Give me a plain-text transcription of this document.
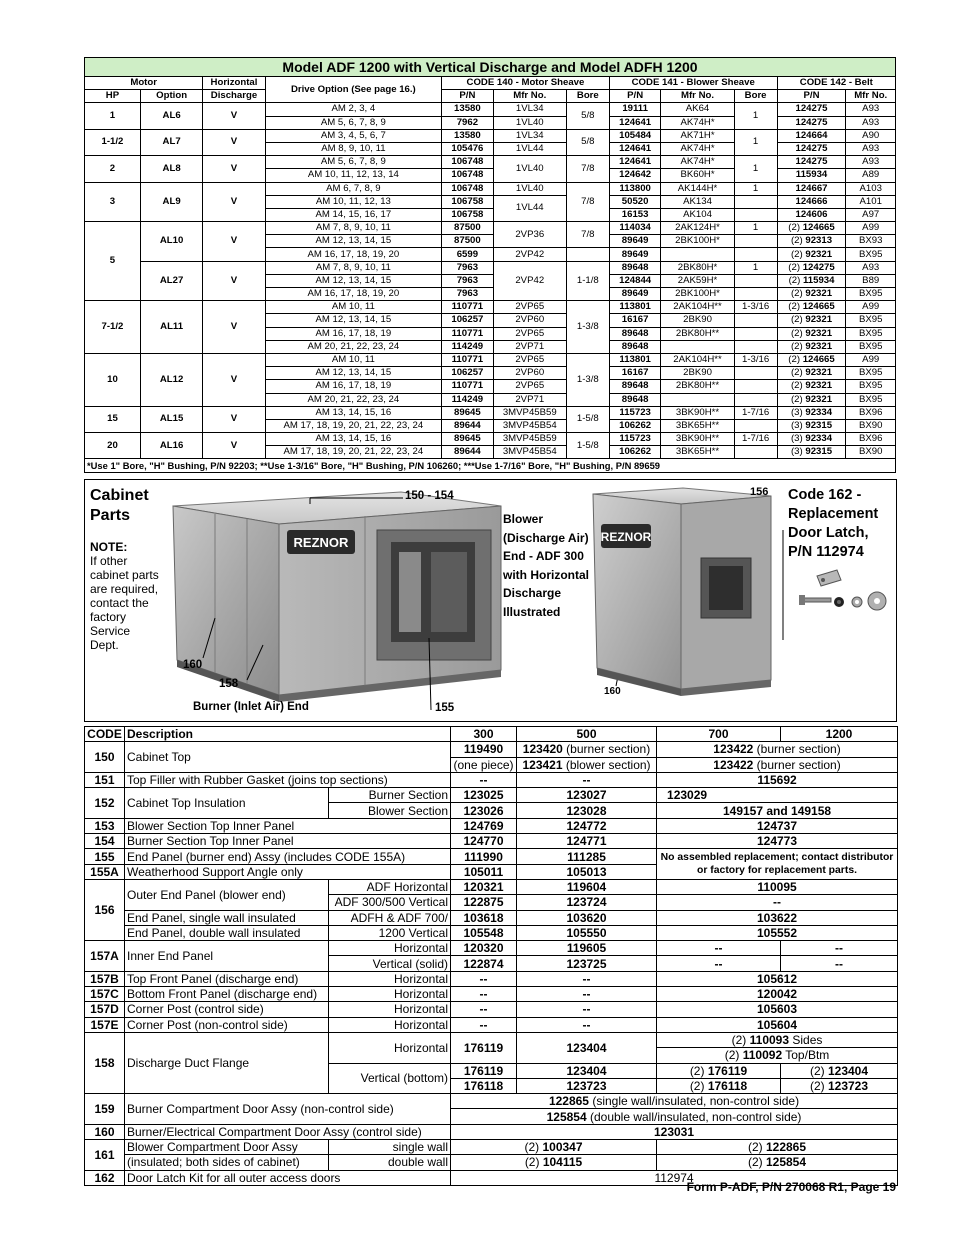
Model ADF 1200 with Vertical Discharge and Model ADFH 1200											
Motor		Horizontal	Drive Option (See page 16.)	CODE 140 - Motor Sheave			CODE 141 - Blower Sheave			CODE 142 - Belt	
HP	Option	Discharge		P/N	Mfr No.	Bore	P/N	Mfr No.	Bore	P/N	Mfr No.
1	AL6	V	AM 2, 3, 4	13580	1VL34	5/8	19111	AK64	1	124275	A93
			AM 5, 6, 7, 8, 9	7962	1VL40		124641	AK74H*		124275	A93
1-1/2	AL7	V	AM 3, 4, 5, 6, 7	13580	1VL34	5/8	105484	AK71H*	1	124664	A90
			AM 8, 9, 10, 11	105476	1VL44		124641	AK74H*		124275	A93
2	AL8	V	AM 5, 6, 7, 8, 9	106748	1VL40	7/8	124641	AK74H*	1	124275	A93
			AM 10, 11, 12, 13, 14	106748			124642	BK60H*		115934	A89
3	AL9	V	AM 6, 7, 8, 9	106748	1VL40	7/8	113800	AK144H*	1	124667	A103
			AM 10, 11, 12, 13	106758	1VL44		50520	AK134		124666	A101
			AM 14, 15, 16, 17	106758			16153	AK104		124606	A97
5	AL10	V	AM 7, 8, 9, 10, 11	87500	2VP36	7/8	114034	2AK124H*	1	(2) 124665	A99
			AM 12, 13, 14, 15	87500			89649	2BK100H*		(2) 92313	BX93
			AM 16, 17, 18, 19, 20	6599	2VP42		89649			(2) 92321	BX95
	AL27	V	AM 7, 8, 9, 10, 11	7963	2VP42	1-1/8	89648	2BK80H*	1	(2) 124275	A93
			AM 12, 13, 14, 15	7963			124844	2AK59H*		(2) 115934	B89
			AM 16, 17, 18, 19, 20	7963			89649	2BK100H*		(2) 92321	BX95
7-1/2	AL11	V	AM 10, 11	110771	2VP65	1-3/8	113801	2AK104H**	1-3/16	(2) 124665	A99
			AM 12, 13, 14, 15	106257	2VP60		16167	2BK90		(2) 92321	BX95
			AM 16, 17, 18, 19	110771	2VP65		89648	2BK80H**		(2) 92321	BX95
			AM 20, 21, 22, 23, 24	114249	2VP71		89648			(2) 92321	BX95
10	AL12	V	AM 10, 11	110771	2VP65	1-3/8	113801	2AK104H**	1-3/16	(2) 124665	A99
			AM 12, 13, 14, 15	106257	2VP60		16167	2BK90		(2) 92321	BX95
			AM 16, 17, 18, 19	110771	2VP65		89648	2BK80H**		(2) 92321	BX95
			AM 20, 21, 22, 23, 24	114249	2VP71		89648			(2) 92321	BX95
15	AL15	V	AM 13, 14, 15, 16	89645	3MVP45B59	1-5/8	115723	3BK90H**	1-7/16	(3) 92334	BX96
			AM 17, 18, 19, 20, 21, 22, 23, 24	89644	3MVP45B54		106262	3BK65H**		(3) 92315	BX90
20	AL16	V	AM 13, 14, 15, 16	89645	3MVP45B59	1-5/8	115723	3BK90H**	1-7/16	(3) 92334	BX96
			AM 17, 18, 19, 20, 21, 22, 23, 24	89644	3MVP45B54		106262	3BK65H**		(3) 92315	BX90
*Use 1" Bore, "H" Bushing, P/N 92203; **Use 1-3/16" Bore, "H" Bushing, P/N 106260; ***Use 1-7/16" Bore, "H" Bushing, P/N 89659											
Cabinet Parts
NOTE:
If other cabinet parts are required, contact the factory Service Dept.
REZNOR
150 - 154
160
158
155
Burner (Inlet Air) End
Blower (Discharge Air) End - ADF 300 with Horizontal Discharge Illustrated
REZNOR
156
160
Code 162 - Replacement Door Latch, P/N 112974
CODE	Description		300	500	700	1200
150	Cabinet Top		119490	123420 (burner section)	123422 (burner section)	
			(one piece)	123421 (blower section)	123422 (burner section)	
151	Top Filler with Rubber Gasket (joins top sections)		--	--	115692	
152	Cabinet Top Insulation	Burner Section	123025	123027	123029	
		Blower Section	123026	123028	149157 and 149158	
153	Blower Section Top Inner Panel		124769	124772	124737	
154	Burner Section Top Inner Panel		124770	124771	124773	
155	End Panel (burner end) Assy (includes CODE 155A)		111990	111285	No assembled replacement; contact distributor or factory for replacement parts.	
155A	Weatherhood Support Angle only		105011	105013		
156	Outer End Panel (blower end)	ADF Horizontal	120321	119604	110095	
		ADF 300/500 Vertical	122875	123724	--	
	End Panel, single wall insulated	ADFH & ADF 700/	103618	103620	103622	
	End Panel, double wall insulated	1200 Vertical	105548	105550	105552	
157A	Inner End Panel	Horizontal	120320	119605	--	--
		Vertical (solid)	122874	123725	--	--
157B	Top Front Panel (discharge end)	Horizontal	--	--	105612	
157C	Bottom Front Panel (discharge end)	Horizontal	--	--	120042	
157D	Corner Post (control side)	Horizontal	--	--	105603	
157E	Corner Post (non-control side)	Horizontal	--	--	105604	
158	Discharge Duct Flange	Horizontal	176119	123404	(2) 110093 Sides	
					(2) 110092 Top/Btm	
		Vertical (bottom)	176119	123404	(2) 176119	(2) 123404
			176118	123723	(2) 176118	(2) 123723
159	Burner Compartment Door Assy (non-control side)		122865 (single wall/insulated, non-control side)			
			125854 (double wall/insulated, non-control side)			
160	Burner/Electrical Compartment Door Assy (control side)		123031			
161	Blower Compartment Door Assy	single wall	(2) 100347		(2) 122865	
	(insulated; both sides of cabinet)	double wall	(2) 104115		(2) 125854	
162	Door Latch Kit for all outer access doors		112974			
Form P-ADF, P/N 270068 R1, Page 19
